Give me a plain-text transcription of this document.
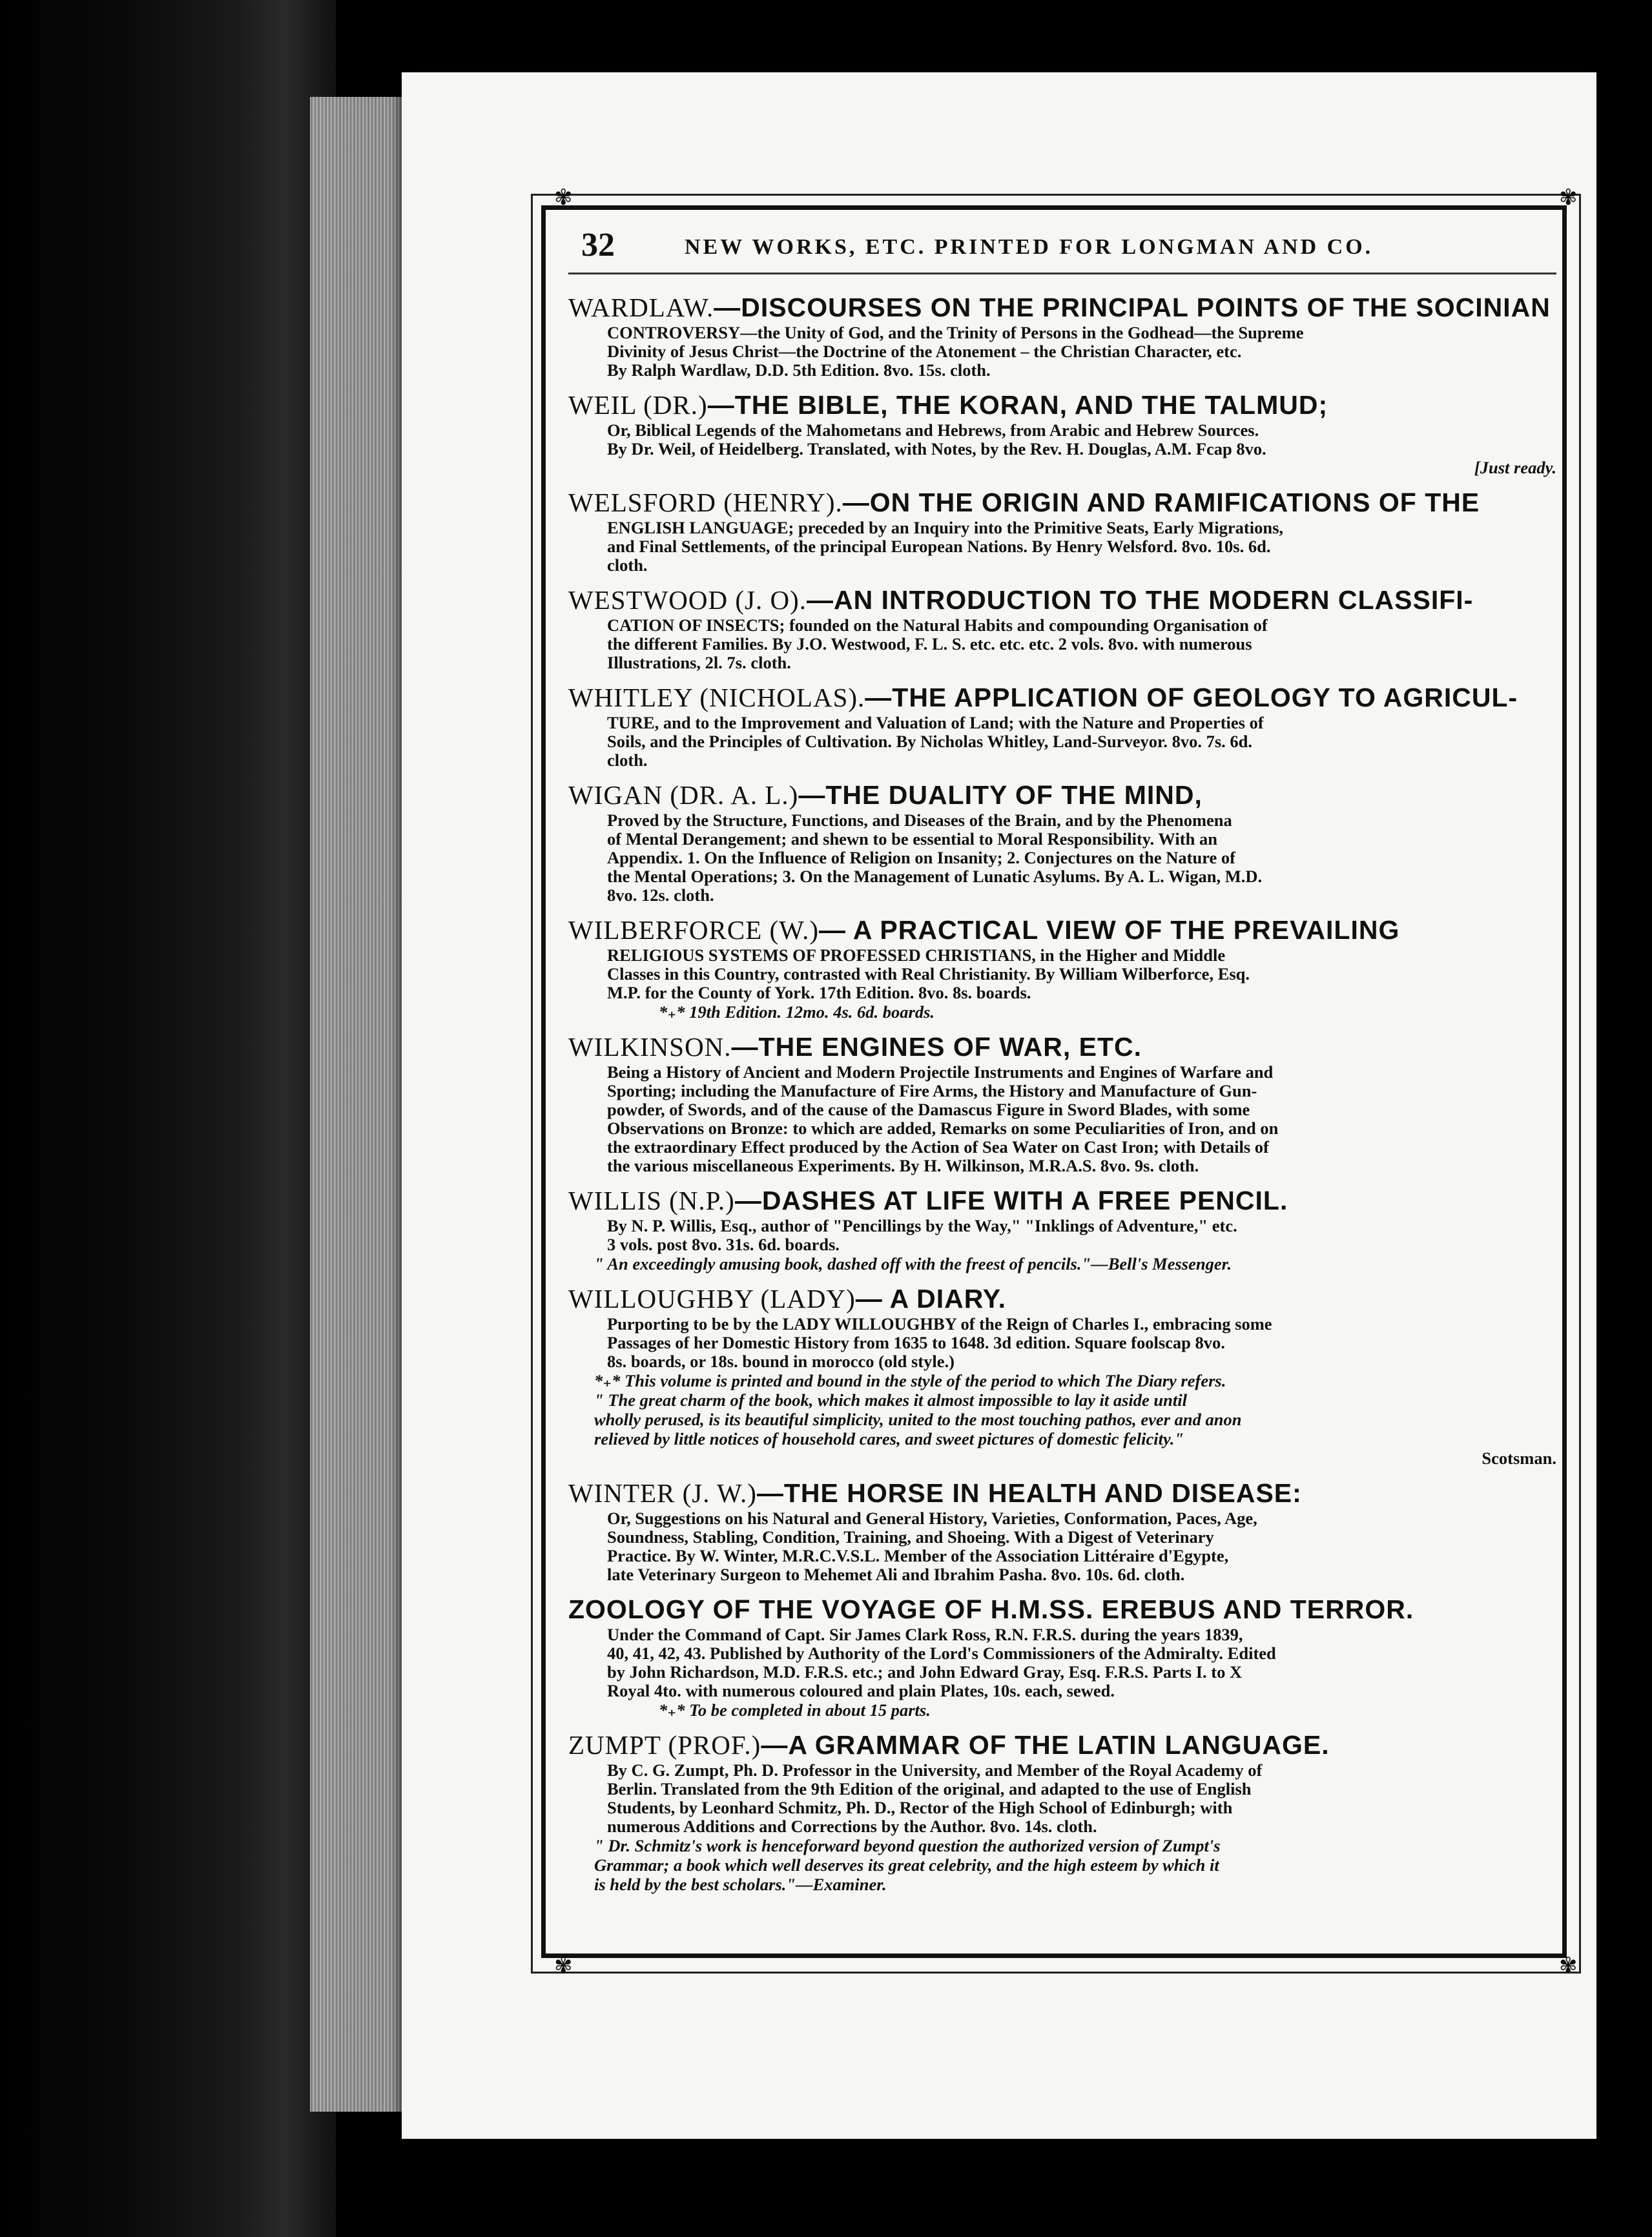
✾	✾
✾	✾
32	NEW WORKS, ETC. PRINTED FOR LONGMAN AND CO.
WARDLAW.—DISCOURSES ON THE PRINCIPAL POINTS OF THE SOCINIAN
CONTROVERSY—the Unity of God, and the Trinity of Persons in the Godhead—the Supreme
Divinity of Jesus Christ—the Doctrine of the Atonement – the Christian Character, etc.
By Ralph Wardlaw, D.D. 5th Edition. 8vo. 15s. cloth.
WEIL (DR.)—THE BIBLE, THE KORAN, AND THE TALMUD;
Or, Biblical Legends of the Mahometans and Hebrews, from Arabic and Hebrew Sources.
By Dr. Weil, of Heidelberg. Translated, with Notes, by the Rev. H. Douglas, A.M. Fcap 8vo.
[Just ready.
WELSFORD (HENRY).—ON THE ORIGIN AND RAMIFICATIONS OF THE
ENGLISH LANGUAGE; preceded by an Inquiry into the Primitive Seats, Early Migrations,
and Final Settlements, of the principal European Nations. By Henry Welsford. 8vo. 10s. 6d.
cloth.
WESTWOOD (J. O).—AN INTRODUCTION TO THE MODERN CLASSIFI-
CATION OF INSECTS; founded on the Natural Habits and compounding Organisation of
the different Families. By J.O. Westwood, F. L. S. etc. etc. etc. 2 vols. 8vo. with numerous
Illustrations, 2l. 7s. cloth.
WHITLEY (NICHOLAS).—THE APPLICATION OF GEOLOGY TO AGRICUL-
TURE, and to the Improvement and Valuation of Land; with the Nature and Properties of
Soils, and the Principles of Cultivation. By Nicholas Whitley, Land-Surveyor. 8vo. 7s. 6d.
cloth.
WIGAN (DR. A. L.)—THE DUALITY OF THE MIND,
Proved by the Structure, Functions, and Diseases of the Brain, and by the Phenomena
of Mental Derangement; and shewn to be essential to Moral Responsibility. With an
Appendix. 1. On the Influence of Religion on Insanity; 2. Conjectures on the Nature of
the Mental Operations; 3. On the Management of Lunatic Asylums. By A. L. Wigan, M.D.
8vo. 12s. cloth.
WILBERFORCE (W.)— A PRACTICAL VIEW OF THE PREVAILING
RELIGIOUS SYSTEMS OF PROFESSED CHRISTIANS, in the Higher and Middle
Classes in this Country, contrasted with Real Christianity. By William Wilberforce, Esq.
M.P. for the County of York. 17th Edition. 8vo. 8s. boards.
*₊* 19th Edition. 12mo. 4s. 6d. boards.
WILKINSON.—THE ENGINES OF WAR, ETC.
Being a History of Ancient and Modern Projectile Instruments and Engines of Warfare and
Sporting; including the Manufacture of Fire Arms, the History and Manufacture of Gun-
powder, of Swords, and of the cause of the Damascus Figure in Sword Blades, with some
Observations on Bronze: to which are added, Remarks on some Peculiarities of Iron, and on
the extraordinary Effect produced by the Action of Sea Water on Cast Iron; with Details of
the various miscellaneous Experiments. By H. Wilkinson, M.R.A.S. 8vo. 9s. cloth.
WILLIS (N.P.)—DASHES AT LIFE WITH A FREE PENCIL.
By N. P. Willis, Esq., author of "Pencillings by the Way," "Inklings of Adventure," etc.
3 vols. post 8vo. 31s. 6d. boards.
" An exceedingly amusing book, dashed off with the freest of pencils."—Bell's Messenger.
WILLOUGHBY (LADY)— A DIARY.
Purporting to be by the LADY WILLOUGHBY of the Reign of Charles I., embracing some
Passages of her Domestic History from 1635 to 1648. 3d edition. Square foolscap 8vo.
8s. boards, or 18s. bound in morocco (old style.)
*₊* This volume is printed and bound in the style of the period to which The Diary refers.
" The great charm of the book, which makes it almost impossible to lay it aside until
wholly perused, is its beautiful simplicity, united to the most touching pathos, ever and anon
relieved by little notices of household cares, and sweet pictures of domestic felicity."
Scotsman.
WINTER (J. W.)—THE HORSE IN HEALTH AND DISEASE:
Or, Suggestions on his Natural and General History, Varieties, Conformation, Paces, Age,
Soundness, Stabling, Condition, Training, and Shoeing. With a Digest of Veterinary
Practice. By W. Winter, M.R.C.V.S.L. Member of the Association Littéraire d'Egypte,
late Veterinary Surgeon to Mehemet Ali and Ibrahim Pasha. 8vo. 10s. 6d. cloth.
ZOOLOGY OF THE VOYAGE OF H.M.SS. EREBUS AND TERROR.
Under the Command of Capt. Sir James Clark Ross, R.N. F.R.S. during the years 1839,
40, 41, 42, 43. Published by Authority of the Lord's Commissioners of the Admiralty. Edited
by John Richardson, M.D. F.R.S. etc.; and John Edward Gray, Esq. F.R.S. Parts I. to X
Royal 4to. with numerous coloured and plain Plates, 10s. each, sewed.
*₊* To be completed in about 15 parts.
ZUMPT (PROF.)—A GRAMMAR OF THE LATIN LANGUAGE.
By C. G. Zumpt, Ph. D. Professor in the University, and Member of the Royal Academy of
Berlin. Translated from the 9th Edition of the original, and adapted to the use of English
Students, by Leonhard Schmitz, Ph. D., Rector of the High School of Edinburgh; with
numerous Additions and Corrections by the Author. 8vo. 14s. cloth.
" Dr. Schmitz's work is henceforward beyond question the authorized version of Zumpt's
Grammar; a book which well deserves its great celebrity, and the high esteem by which it
is held by the best scholars."—Examiner.
